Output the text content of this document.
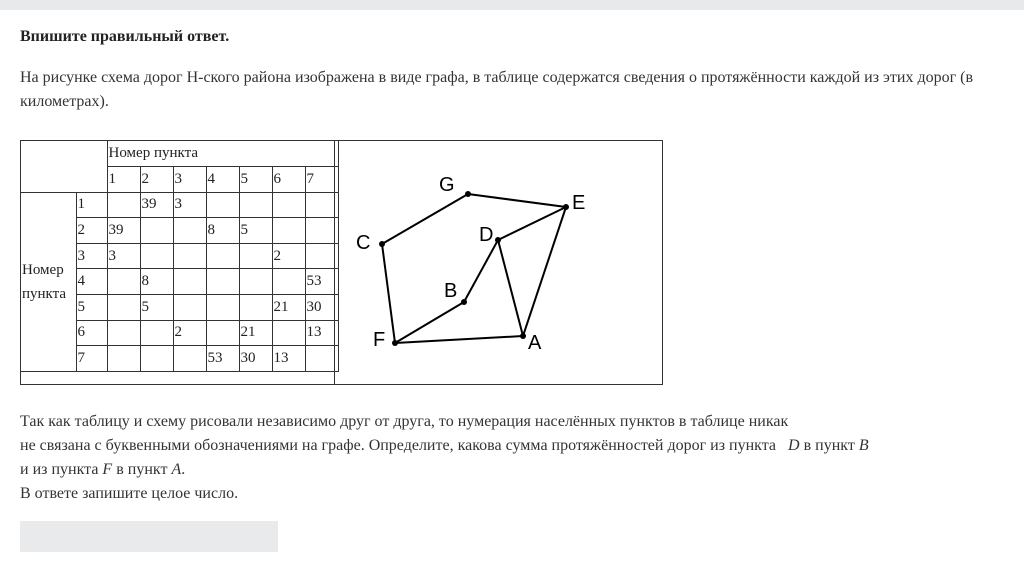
Впишите правильный ответ.
На рисунке схема дорог Н-ского района изображена в виде графа, в таблице содержатся сведения о протяжённости каждой из этих дорог (в километрах).
		Номер пункта						
		1	2	3	4	5	6	7
Номер пункта	1		39	3				
	2	39			8	5		
	3	3					2	
	4		8					53
	5		5				21	30
	6			2		21		13
	7				53	30	13	
G
E
C	D
B
F	A
Так как таблицу и схему рисовали независимо друг от друга, то нумерация населённых пунктов в таблице никак
не связана с буквенными обозначениями на графе. Определите, какова сумма протяжённостей дорог из пункта D в пункт B
и из пункта F в пункт A.
В ответе запишите целое число.
